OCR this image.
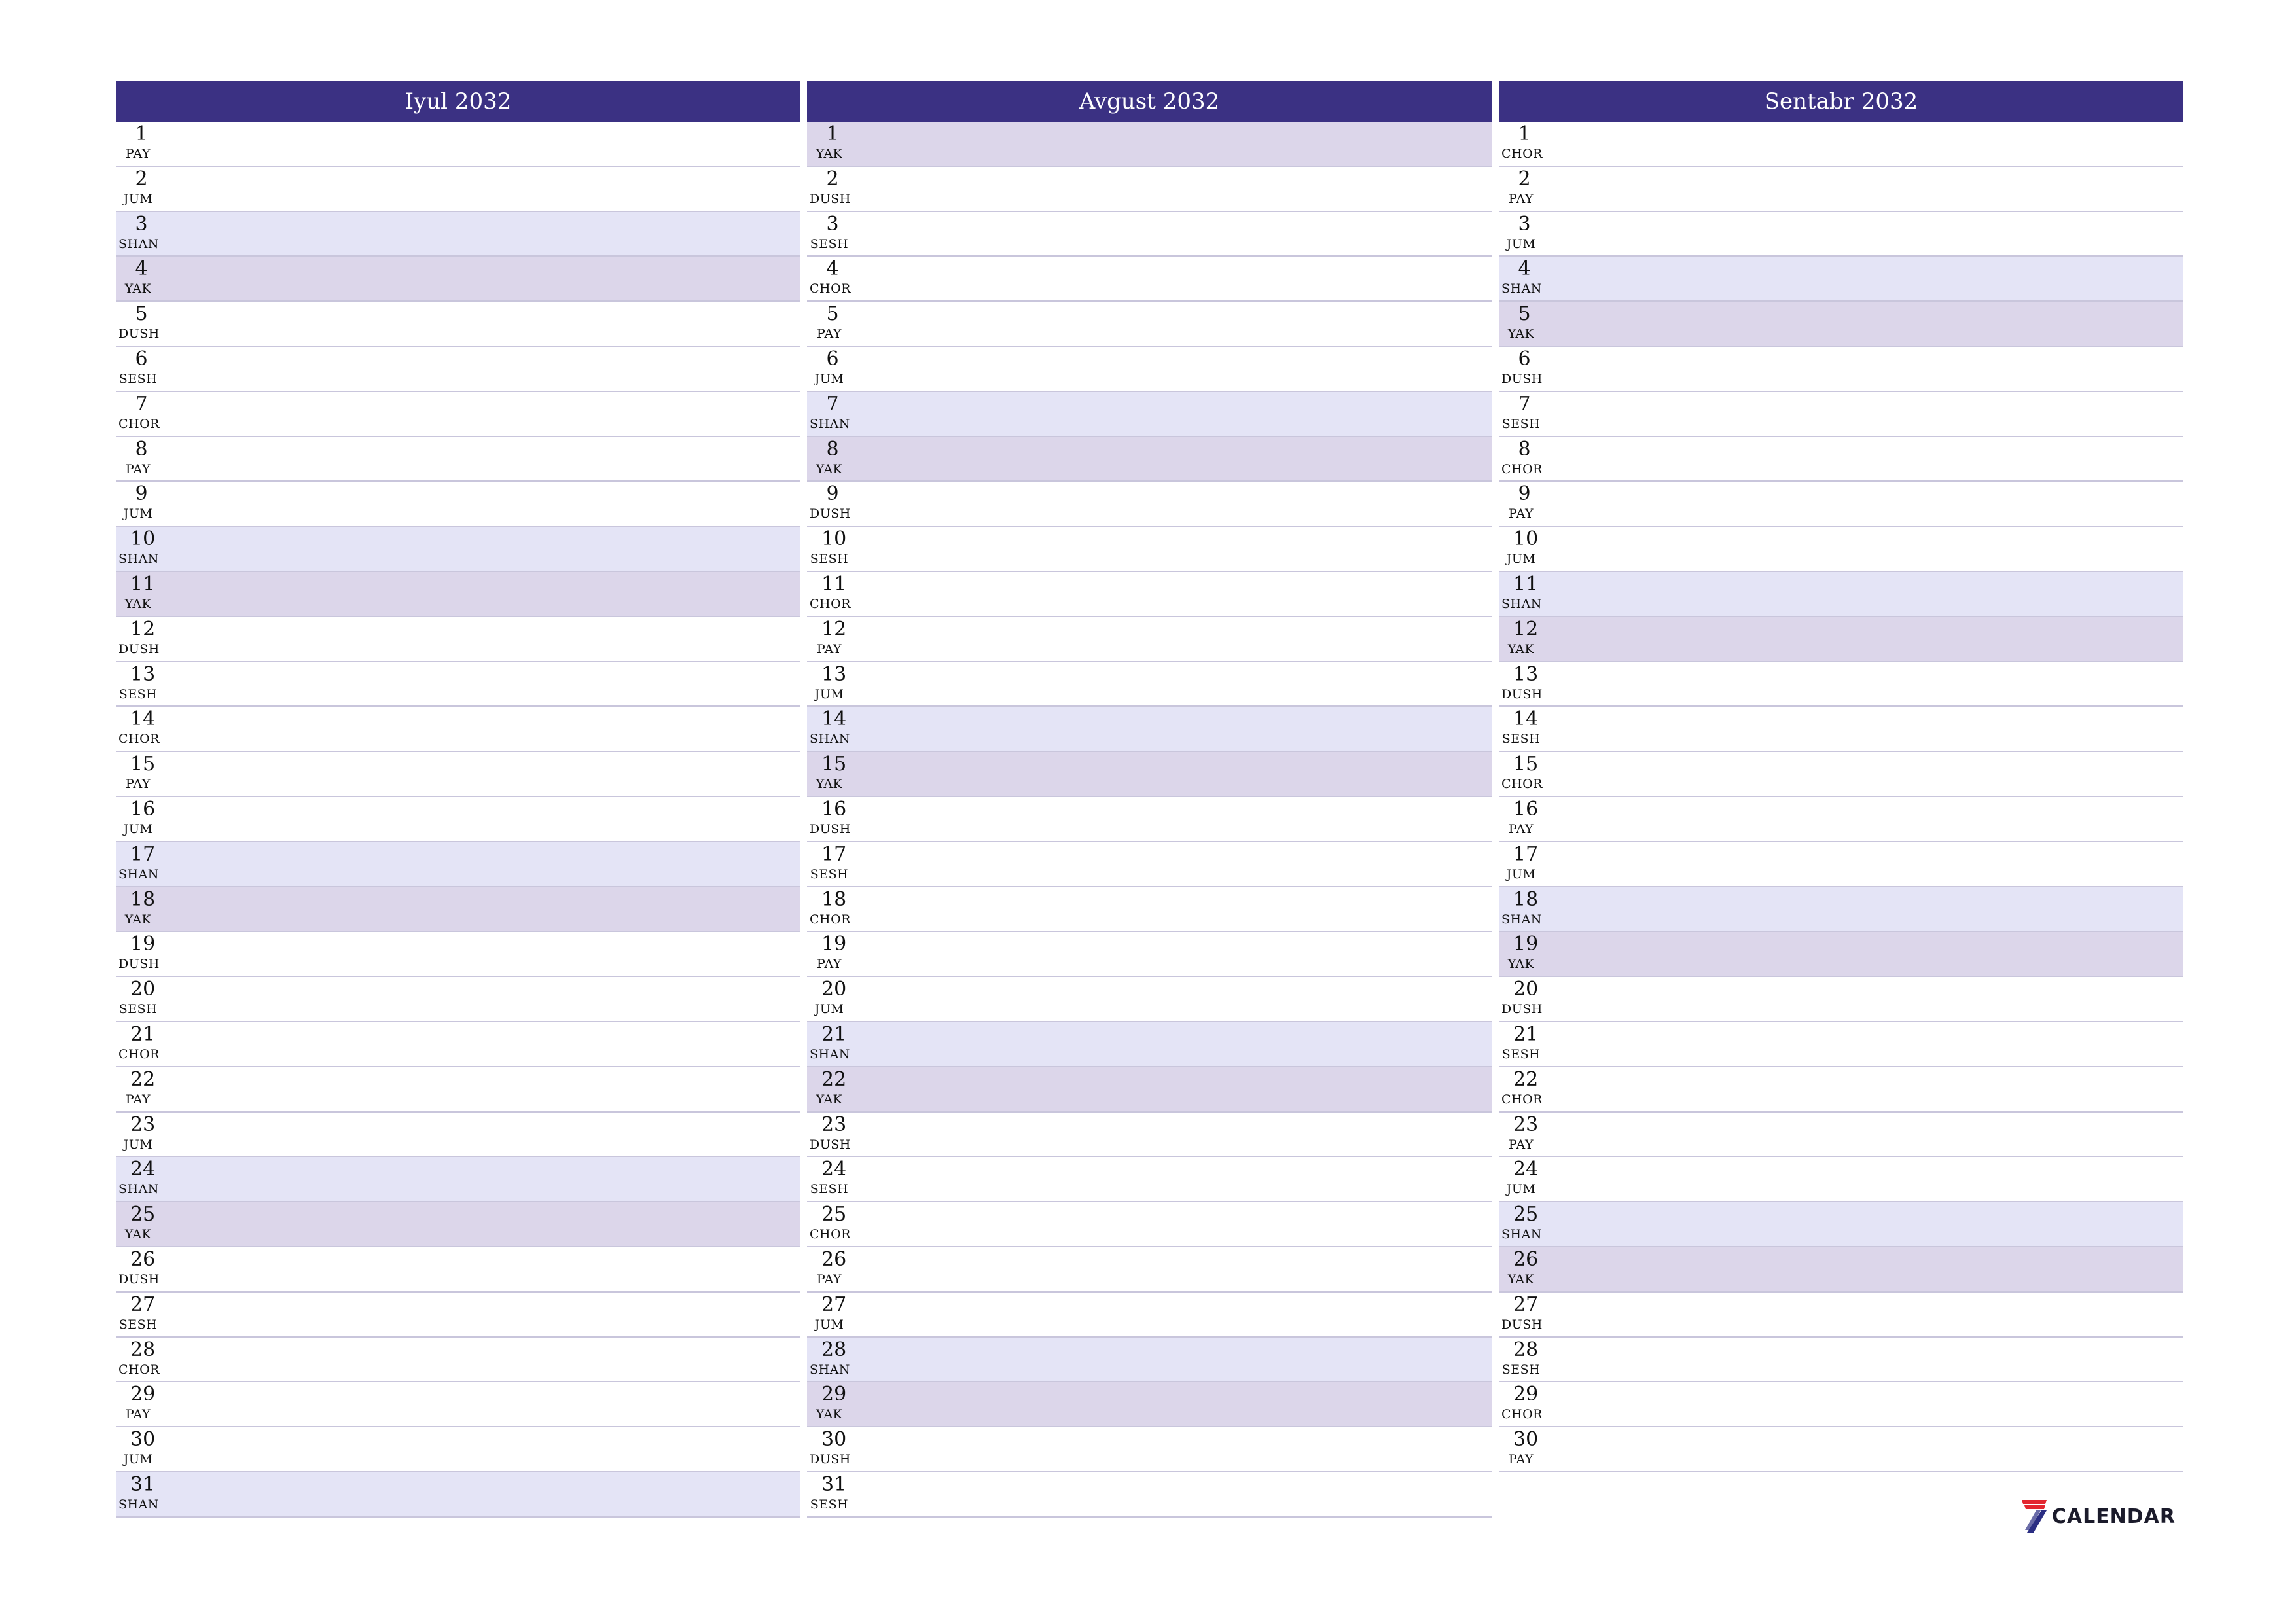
Iyul 2032
1
PAY
2
JUM
3
SHAN
4
YAK
5
DUSH
6
SESH
7
CHOR
8
PAY
9
JUM
10
SHAN
11
YAK
12
DUSH
13
SESH
14
CHOR
15
PAY
16
JUM
17
SHAN
18
YAK
19
DUSH
20
SESH
21
CHOR
22
PAY
23
JUM
24
SHAN
25
YAK
26
DUSH
27
SESH
28
CHOR
29
PAY
30
JUM
31
SHAN
Avgust 2032
1
YAK
2
DUSH
3
SESH
4
CHOR
5
PAY
6
JUM
7
SHAN
8
YAK
9
DUSH
10
SESH
11
CHOR
12
PAY
13
JUM
14
SHAN
15
YAK
16
DUSH
17
SESH
18
CHOR
19
PAY
20
JUM
21
SHAN
22
YAK
23
DUSH
24
SESH
25
CHOR
26
PAY
27
JUM
28
SHAN
29
YAK
30
DUSH
31
SESH
Sentabr 2032
1
CHOR
2
PAY
3
JUM
4
SHAN
5
YAK
6
DUSH
7
SESH
8
CHOR
9
PAY
10
JUM
11
SHAN
12
YAK
13
DUSH
14
SESH
15
CHOR
16
PAY
17
JUM
18
SHAN
19
YAK
20
DUSH
21
SESH
22
CHOR
23
PAY
24
JUM
25
SHAN
26
YAK
27
DUSH
28
SESH
29
CHOR
30
PAY
CALENDAR
